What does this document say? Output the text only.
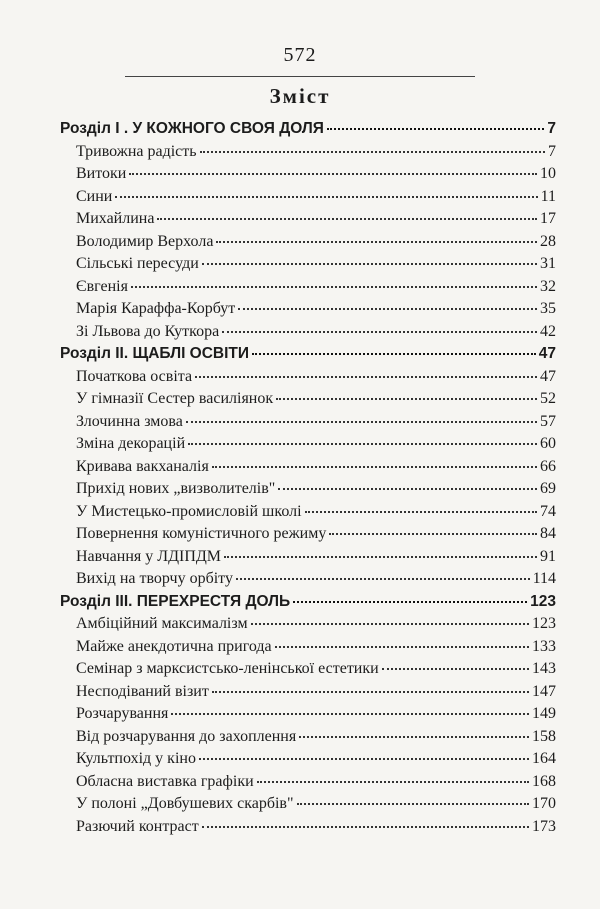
572
Зміст
Розділ І . У КОЖНОГО СВОЯ ДОЛЯ	7
Тривожна радість	7
Витоки	10
Сини	11
Михайлина	17
Володимир Верхола	28
Сільські пересуди	31
Євгенія	32
Марія Караффа-Корбут	35
Зі Львова до Куткора	42
Розділ ІІ. ЩАБЛІ ОСВІТИ	47
Початкова освіта	47
У гімназії Сестер василіянок	52
Злочинна змова	57
Зміна декорацій	60
Кривава вакханалія	66
Прихід нових „визволителів"	69
У Мистецько-промисловій школі	74
Повернення комуністичного режиму	84
Навчання у ЛДІПДМ	91
Вихід на творчу орбіту	114
Розділ ІІІ. ПЕРЕХРЕСТЯ ДОЛЬ	123
Амбіційний максималізм	123
Майже анекдотична пригода	133
Семінар з марксистсько-ленінської естетики	143
Несподіваний візит	147
Розчарування	149
Від розчарування до захоплення	158
Культпохід у кіно	164
Обласна виставка графіки	168
У полоні „Довбушевих скарбів"	170
Разючий контраст	173
